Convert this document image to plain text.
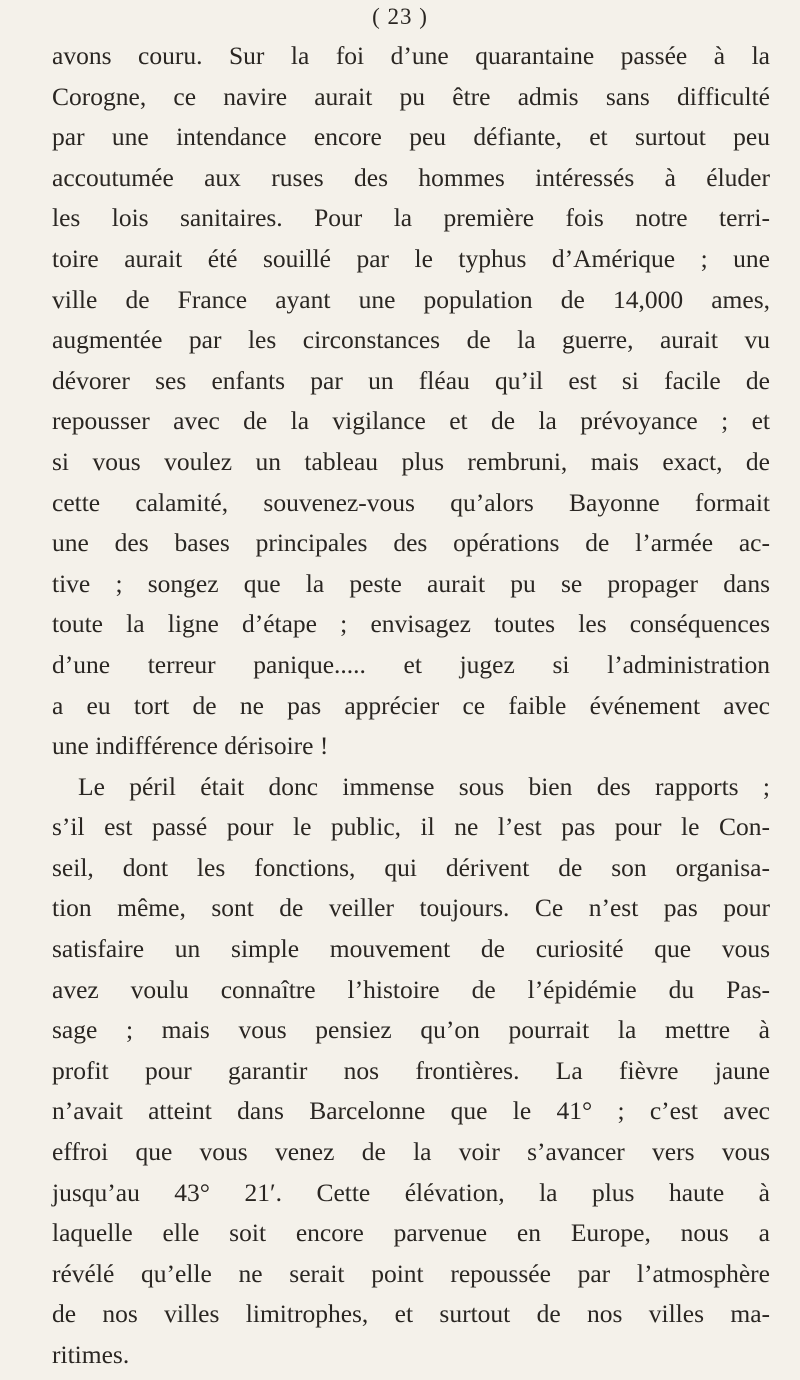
( 23 )
avons couru. Sur la foi d’une quarantaine passée à la
Corogne, ce navire aurait pu être admis sans difficulté
par une intendance encore peu défiante, et surtout peu
accoutumée aux ruses des hommes intéressés à éluder
les lois sanitaires. Pour la première fois notre terri-
toire aurait été souillé par le typhus d’Amérique ; une
ville de France ayant une population de 14,000 ames,
augmentée par les circonstances de la guerre, aurait vu
dévorer ses enfants par un fléau qu’il est si facile de
repousser avec de la vigilance et de la prévoyance ; et
si vous voulez un tableau plus rembruni, mais exact, de
cette calamité, souvenez-vous qu’alors Bayonne formait
une des bases principales des opérations de l’armée ac-
tive ; songez que la peste aurait pu se propager dans
toute la ligne d’étape ; envisagez toutes les conséquences
d’une terreur panique..... et jugez si l’administration
a eu tort de ne pas apprécier ce faible événement avec
une indifférence dérisoire !
Le péril était donc immense sous bien des rapports ;
s’il est passé pour le public, il ne l’est pas pour le Con-
seil, dont les fonctions, qui dérivent de son organisa-
tion même, sont de veiller toujours. Ce n’est pas pour
satisfaire un simple mouvement de curiosité que vous
avez voulu connaître l’histoire de l’épidémie du Pas-
sage ; mais vous pensiez qu’on pourrait la mettre à
profit pour garantir nos frontières. La fièvre jaune
n’avait atteint dans Barcelonne que le 41° ; c’est avec
effroi que vous venez de la voir s’avancer vers vous
jusqu’au 43° 21′. Cette élévation, la plus haute à
laquelle elle soit encore parvenue en Europe, nous a
révélé qu’elle ne serait point repoussée par l’atmosphère
de nos villes limitrophes, et surtout de nos villes ma-
ritimes.
